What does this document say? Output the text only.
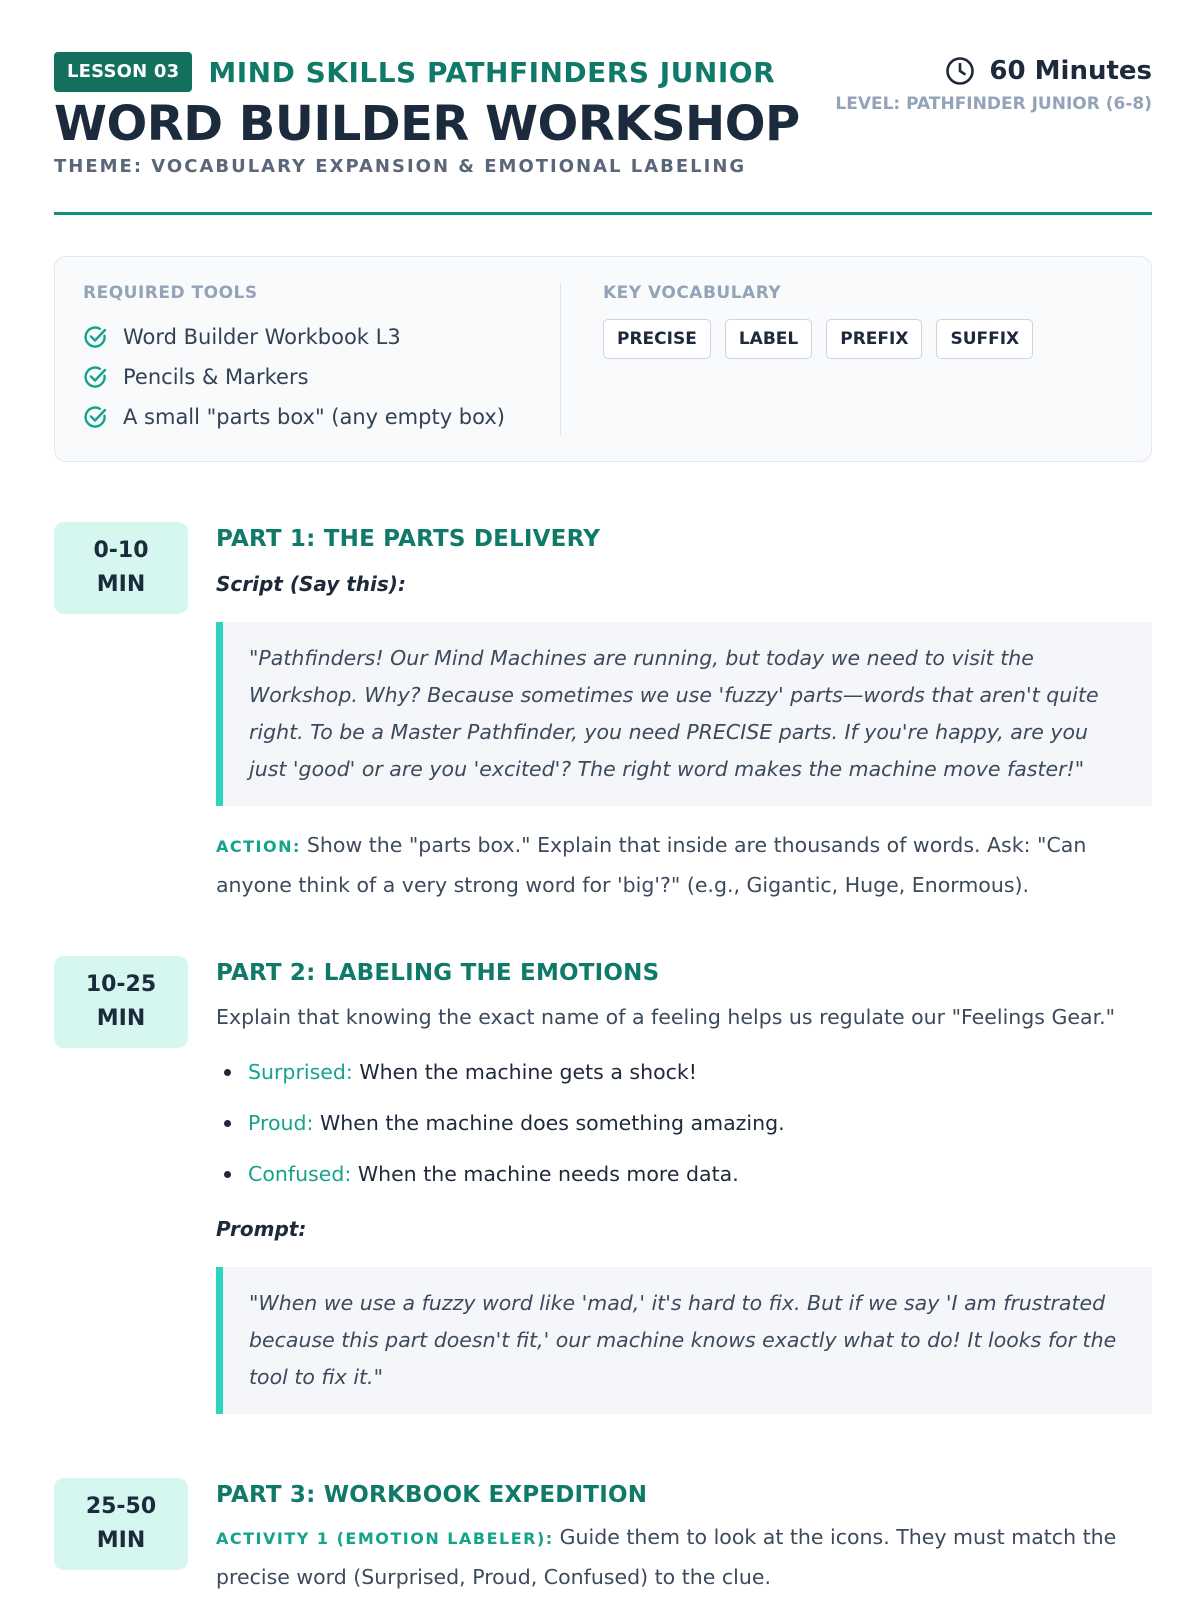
LESSON 03	MIND SKILLS PATHFINDERS JUNIOR
WORD BUILDER WORKSHOP
THEME: VOCABULARY EXPANSION & EMOTIONAL LABELING
60 Minutes
LEVEL: PATHFINDER JUNIOR (6-8)
REQUIRED TOOLS
Word Builder Workbook L3
Pencils & Markers
A small "parts box" (any empty box)
KEY VOCABULARY
PRECISE	LABEL	PREFIX	SUFFIX
0-10
MIN
PART 1: THE PARTS DELIVERY
Script (Say this):
"Pathfinders! Our Mind Machines are running, but today we need to visit the Workshop. Why? Because sometimes we use 'fuzzy' parts—words that aren't quite right. To be a Master Pathfinder, you need PRECISE parts. If you're happy, are you just 'good' or are you 'excited'? The right word makes the machine move faster!"
ACTION: Show the "parts box." Explain that inside are thousands of words. Ask: "Can anyone think of a very strong word for 'big'?" (e.g., Gigantic, Huge, Enormous).
10-25
MIN
PART 2: LABELING THE EMOTIONS
Explain that knowing the exact name of a feeling helps us regulate our "Feelings Gear."
Surprised: When the machine gets a shock!
Proud: When the machine does something amazing.
Confused: When the machine needs more data.
Prompt:
"When we use a fuzzy word like 'mad,' it's hard to fix. But if we say 'I am frustrated because this part doesn't fit,' our machine knows exactly what to do! It looks for the tool to fix it."
25-50
MIN
PART 3: WORKBOOK EXPEDITION
ACTIVITY 1 (EMOTION LABELER): Guide them to look at the icons. They must match the precise word (Surprised, Proud, Confused) to the clue.
